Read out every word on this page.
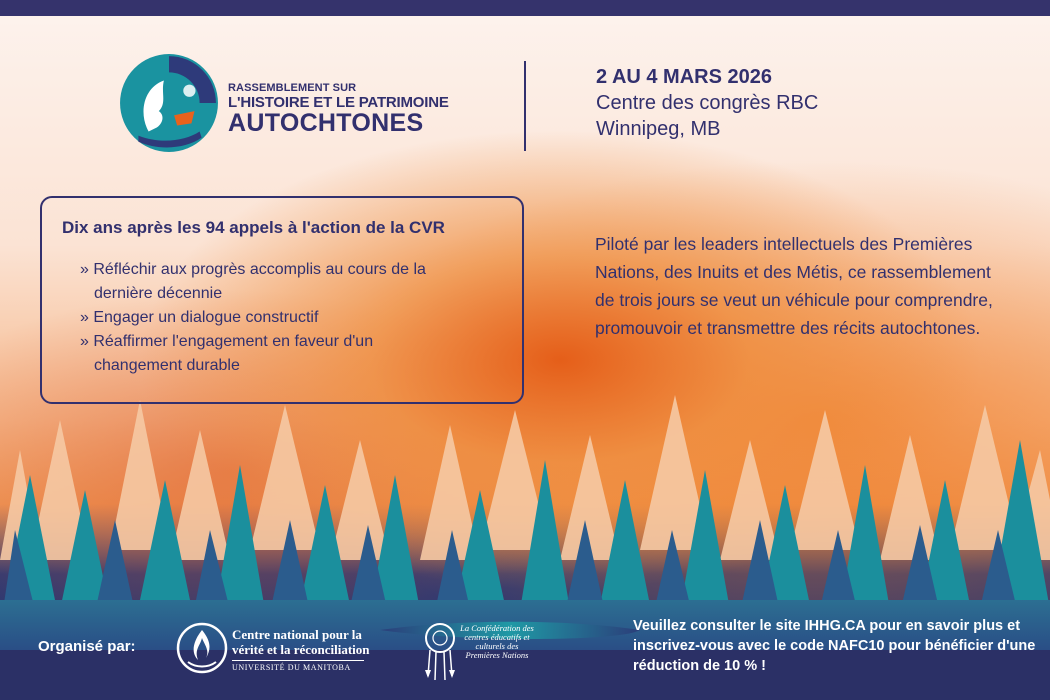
RASSEMBLEMENT SUR
L'HISTOIRE ET LE PATRIMOINE
AUTOCHTONES
2 AU 4 MARS 2026
Centre des congrès RBC
Winnipeg, MB
Dix ans après les 94 appels à l'action de la CVR
» Réfléchir aux progrès accomplis au cours de la dernière décennie
» Engager un dialogue constructif
» Réaffirmer l'engagement en faveur d'un changement durable
Piloté par les leaders intellectuels des Premières Nations, des Inuits et des Métis, ce rassemblement de trois jours se veut un véhicule pour comprendre, promouvoir et transmettre des récits autochtones.
Organisé par:
Centre national pour la
vérité et la réconciliation
UNIVERSITÉ DU MANITOBA
La Confédération des centres éducatifs et culturels des Premières Nations
Veuillez consulter le site IHHG.CA pour en savoir plus et inscrivez-vous avec le code NAFC10 pour bénéficier d'une réduction de 10 % !
